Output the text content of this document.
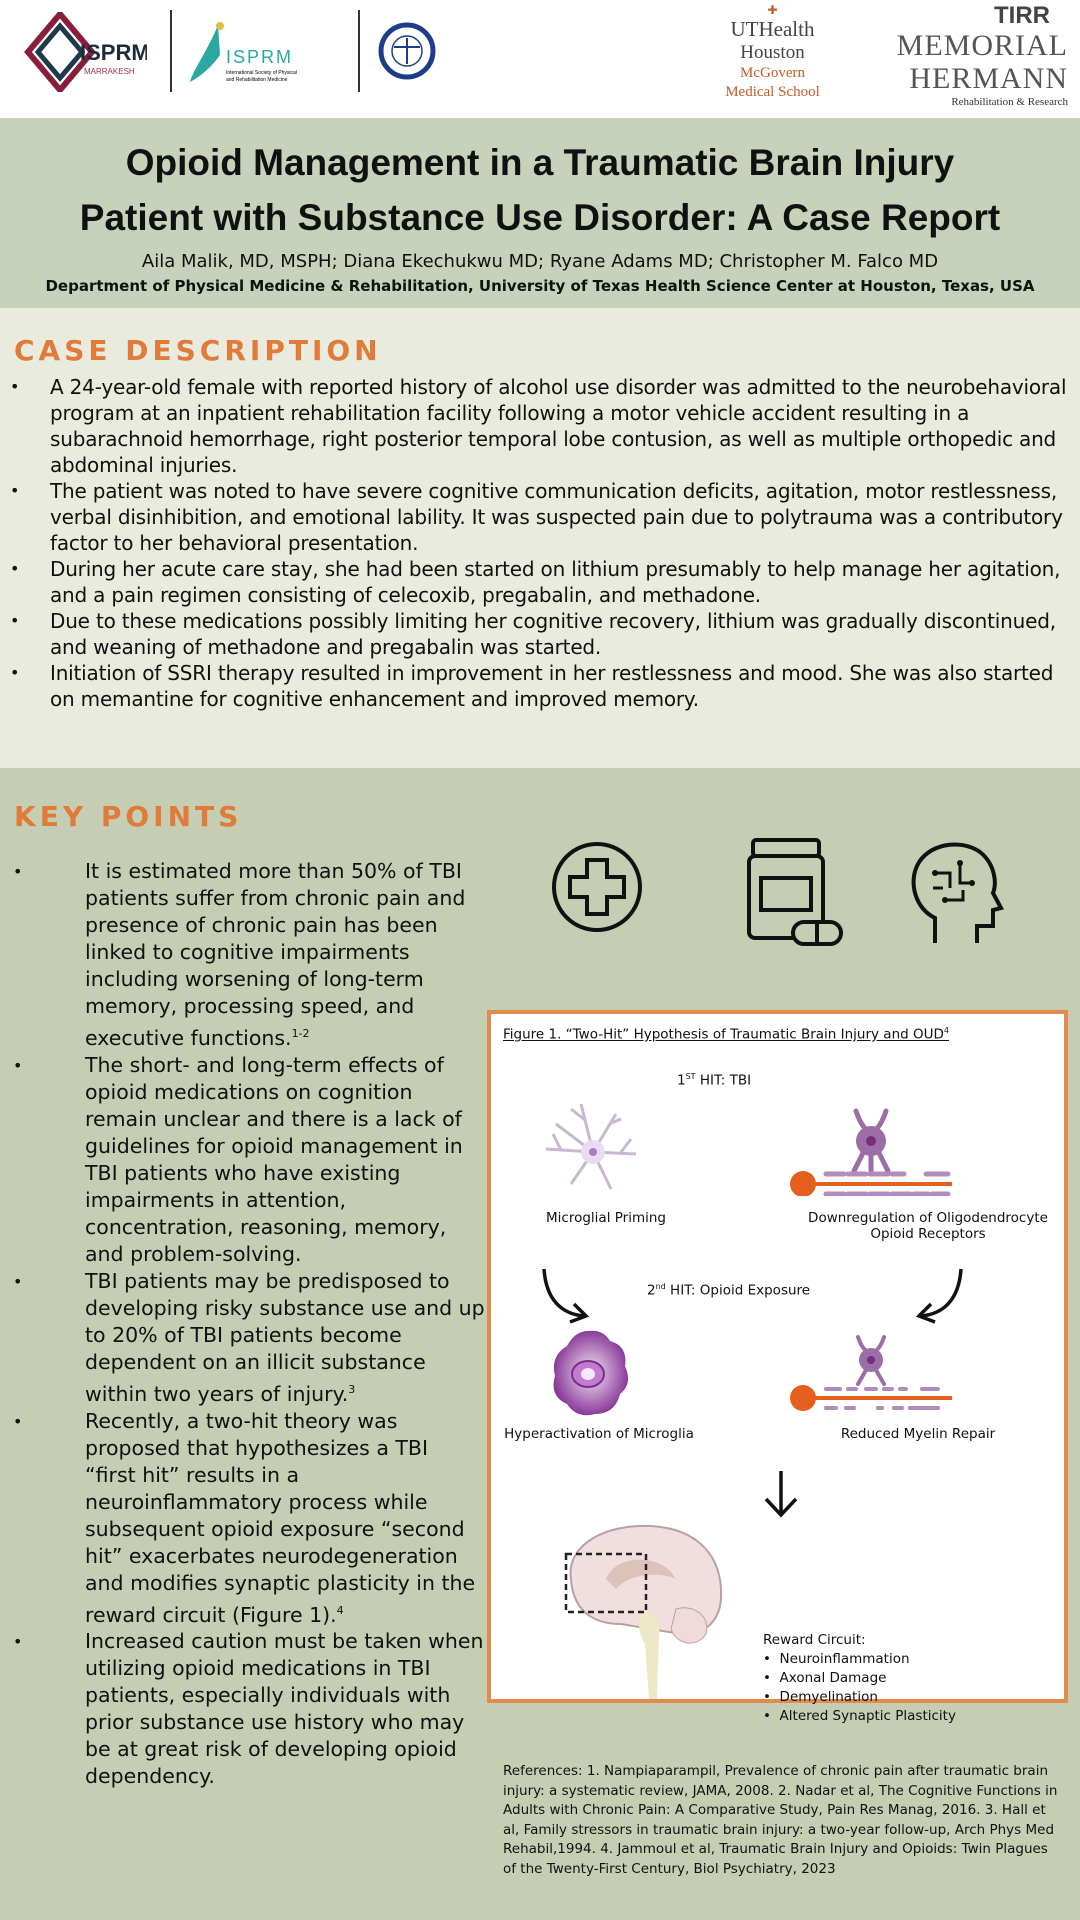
ISPRM
MARRAKESH
ISPRM
International Society of Physical
and Rehabilitation Medicine
✚
UTHealth
Houston
McGovern
Medical School
TIRR
MEMORIAL
HERMANN
Rehabilitation & Research
Opioid Management in a Traumatic Brain Injury
Patient with Substance Use Disorder: A Case Report
Aila Malik, MD, MSPH; Diana Ekechukwu MD; Ryane Adams MD; Christopher M. Falco MD
Department of Physical Medicine & Rehabilitation, University of Texas Health Science Center at Houston, Texas, USA
CASE DESCRIPTION
• A 24-year-old female with reported history of alcohol use disorder was admitted to the neurobehavioral program at an inpatient rehabilitation facility following a motor vehicle accident resulting in a subarachnoid hemorrhage, right posterior temporal lobe contusion, as well as multiple orthopedic and abdominal injuries.
• The patient was noted to have severe cognitive communication deficits, agitation, motor restlessness, verbal disinhibition, and emotional lability. It was suspected pain due to polytrauma was a contributory factor to her behavioral presentation.
• During her acute care stay, she had been started on lithium presumably to help manage her agitation, and a pain regimen consisting of celecoxib, pregabalin, and methadone.
• Due to these medications possibly limiting her cognitive recovery, lithium was gradually discontinued, and weaning of methadone and pregabalin was started.
• Initiation of SSRI therapy resulted in improvement in her restlessness and mood. She was also started on memantine for cognitive enhancement and improved memory.
KEY POINTS
• It is estimated more than 50% of TBI patients suffer from chronic pain and presence of chronic pain has been linked to cognitive impairments including worsening of long-term memory, processing speed, and executive functions.$^{1-2}$
• The short- and long-term effects of opioid medications on cognition remain unclear and there is a lack of guidelines for opioid management in TBI patients who have existing impairments in attention, concentration, reasoning, memory, and problem-solving.
• TBI patients may be predisposed to developing risky substance use and up to 20% of TBI patients become dependent on an illicit substance within two years of injury.$^3$
• Recently, a two-hit theory was proposed that hypothesizes a TBI “first hit” results in a neuroinflammatory process while subsequent opioid exposure “second hit” exacerbates neurodegeneration and modifies synaptic plasticity in the reward circuit (Figure 1).$^4$
• Increased caution must be taken when utilizing opioid medications in TBI patients, especially individuals with prior substance use history who may be at great risk of developing opioid dependency.
Figure 1. “Two-Hit” Hypothesis of Traumatic Brain Injury and OUD$^4$
1ST HIT: TBI
Microglial Priming	Downregulation of Oligodendrocyte Opioid Receptors
2nd HIT: Opioid Exposure
Hyperactivation of Microglia	Reduced Myelin Repair
Reward Circuit:
•  Neuroinflammation
•  Axonal Damage
•  Demyelination
•  Altered Synaptic Plasticity
References: 1. Nampiaparampil, Prevalence of chronic pain after traumatic brain injury: a systematic review, JAMA, 2008. 2. Nadar et al, The Cognitive Functions in Adults with Chronic Pain: A Comparative Study, Pain Res Manag, 2016. 3. Hall et al, Family stressors in traumatic brain injury: a two-year follow-up, Arch Phys Med Rehabil,1994. 4. Jammoul et al, Traumatic Brain Injury and Opioids: Twin Plagues of the Twenty-First Century, Biol Psychiatry, 2023
